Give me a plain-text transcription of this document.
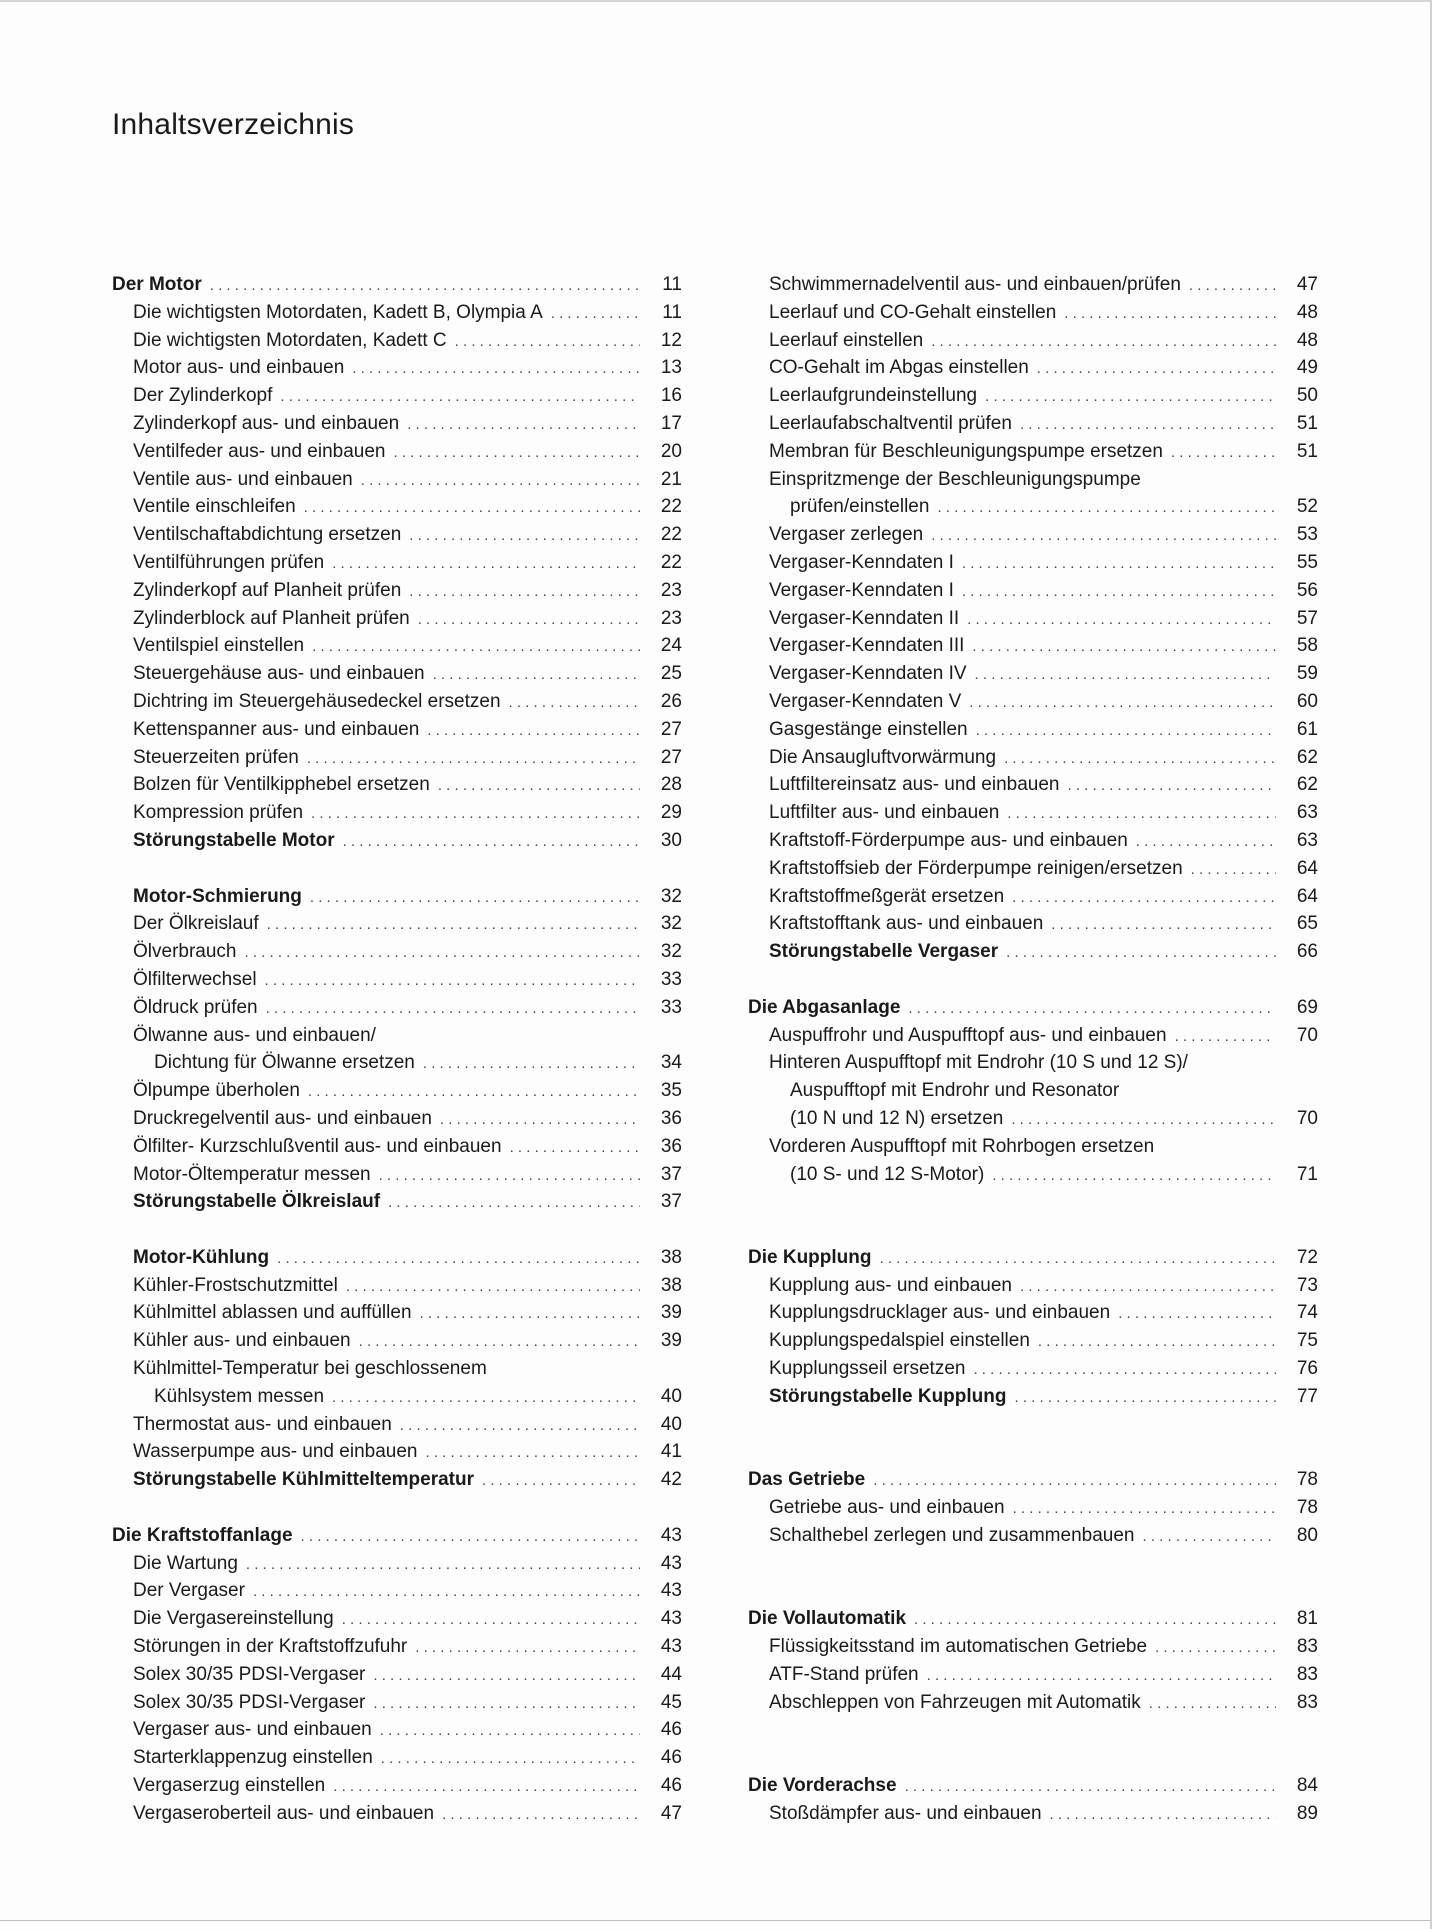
Inhaltsverzeichnis
Der Motor . . .	11
Die wichtigsten Motordaten, Kadett B, Olympia A . . .	11
Die wichtigsten Motordaten, Kadett C . . .	12
Motor aus- und einbauen . . .	13
Der Zylinderkopf . . .	16
Zylinderkopf aus- und einbauen . . .	17
Ventilfeder aus- und einbauen . . .	20
Ventile aus- und einbauen . . .	21
Ventile einschleifen . . .	22
Ventilschaftabdichtung ersetzen . . .	22
Ventilführungen prüfen . . .	22
Zylinderkopf auf Planheit prüfen . . .	23
Zylinderblock auf Planheit prüfen . . .	23
Ventilspiel einstellen . . .	24
Steuergehäuse aus- und einbauen . . .	25
Dichtring im Steuergehäusedeckel ersetzen . . .	26
Kettenspanner aus- und einbauen . . .	27
Steuerzeiten prüfen . . .	27
Bolzen für Ventilkipphebel ersetzen . . .	28
Kompression prüfen . . .	29
Störungstabelle Motor . . .	30
Motor-Schmierung . . .	32
Der Ölkreislauf . . .	32
Ölverbrauch . . .	32
Ölfilterwechsel . . .	33
Öldruck prüfen . . .	33
Ölwanne aus- und einbauen/
Dichtung für Ölwanne ersetzen . . .	34
Ölpumpe überholen . . .	35
Druckregelventil aus- und einbauen . . .	36
Ölfilter- Kurzschlußventil aus- und einbauen . . .	36
Motor-Öltemperatur messen . . .	37
Störungstabelle Ölkreislauf . . .	37
Motor-Kühlung . . .	38
Kühler-Frostschutzmittel . . .	38
Kühlmittel ablassen und auffüllen . . .	39
Kühler aus- und einbauen . . .	39
Kühlmittel-Temperatur bei geschlossenem
Kühlsystem messen . . .	40
Thermostat aus- und einbauen . . .	40
Wasserpumpe aus- und einbauen . . .	41
Störungstabelle Kühlmitteltemperatur . . .	42
Die Kraftstoffanlage . . .	43
Die Wartung . . .	43
Der Vergaser . . .	43
Die Vergasereinstellung . . .	43
Störungen in der Kraftstoffzufuhr . . .	43
Solex 30/35 PDSI-Vergaser . . .	44
Solex 30/35 PDSI-Vergaser . . .	45
Vergaser aus- und einbauen . . .	46
Starterklappenzug einstellen . . .	46
Vergaserzug einstellen . . .	46
Vergaseroberteil aus- und einbauen . . .	47
Schwimmernadelventil aus- und einbauen/prüfen . . .	47
Leerlauf und CO-Gehalt einstellen . . .	48
Leerlauf einstellen . . .	48
CO-Gehalt im Abgas einstellen . . .	49
Leerlaufgrundeinstellung . . .	50
Leerlaufabschaltventil prüfen . . .	51
Membran für Beschleunigungspumpe ersetzen . . .	51
Einspritzmenge der Beschleunigungspumpe
prüfen/einstellen . . .	52
Vergaser zerlegen . . .	53
Vergaser-Kenndaten I . . .	55
Vergaser-Kenndaten I . . .	56
Vergaser-Kenndaten II . . .	57
Vergaser-Kenndaten III . . .	58
Vergaser-Kenndaten IV . . .	59
Vergaser-Kenndaten V . . .	60
Gasgestänge einstellen . . .	61
Die Ansaugluftvorwärmung . . .	62
Luftfiltereinsatz aus- und einbauen . . .	62
Luftfilter aus- und einbauen . . .	63
Kraftstoff-Förderpumpe aus- und einbauen . . .	63
Kraftstoffsieb der Förderpumpe reinigen/ersetzen . . .	64
Kraftstoffmeßgerät ersetzen . . .	64
Kraftstofftank aus- und einbauen . . .	65
Störungstabelle Vergaser . . .	66
Die Abgasanlage . . .	69
Auspuffrohr und Auspufftopf aus- und einbauen . . .	70
Hinteren Auspufftopf mit Endrohr (10 S und 12 S)/
Auspufftopf mit Endrohr und Resonator
(10 N und 12 N) ersetzen . . .	70
Vorderen Auspufftopf mit Rohrbogen ersetzen
(10 S- und 12 S-Motor) . . .	71
Die Kupplung . . .	72
Kupplung aus- und einbauen . . .	73
Kupplungsdrucklager aus- und einbauen . . .	74
Kupplungspedalspiel einstellen . . .	75
Kupplungsseil ersetzen . . .	76
Störungstabelle Kupplung . . .	77
Das Getriebe . . .	78
Getriebe aus- und einbauen . . .	78
Schalthebel zerlegen und zusammenbauen . . .	80
Die Vollautomatik . . .	81
Flüssigkeitsstand im automatischen Getriebe . . .	83
ATF-Stand prüfen . . .	83
Abschleppen von Fahrzeugen mit Automatik . . .	83
Die Vorderachse . . .	84
Stoßdämpfer aus- und einbauen . . .	89
